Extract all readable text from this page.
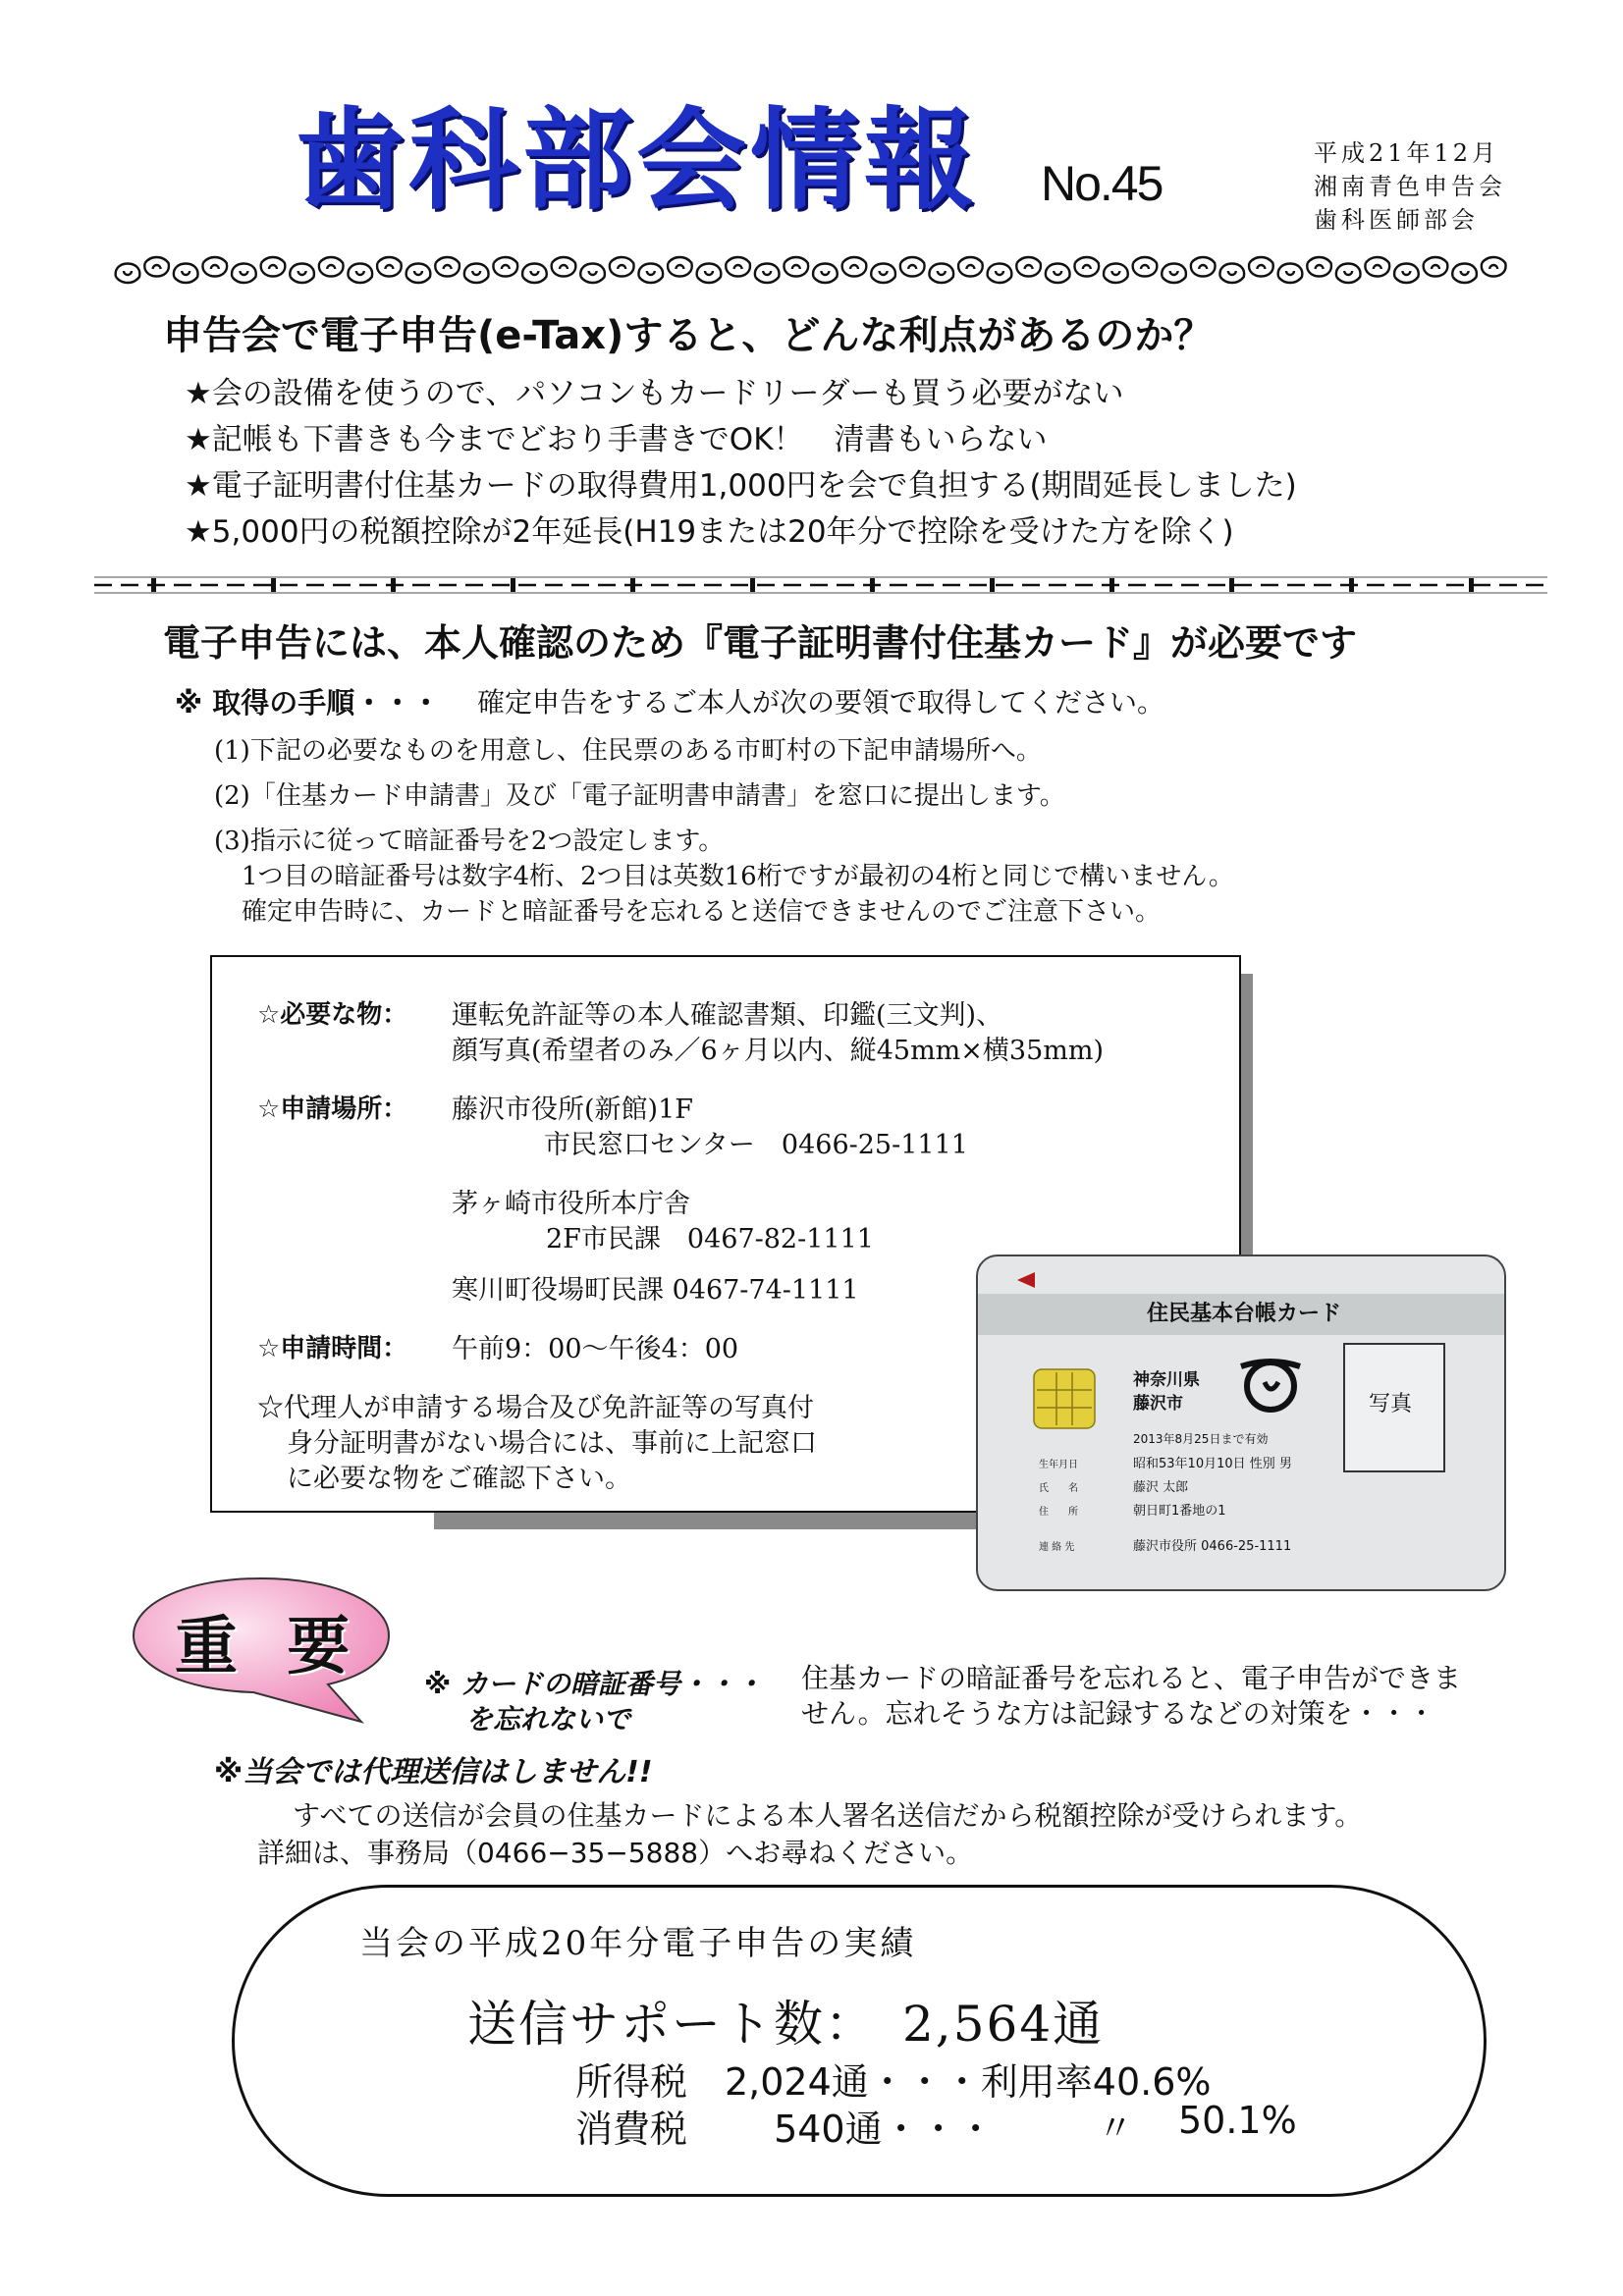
歯科部会情報 No.45
平成21年12月
湘南青色申告会
歯科医師部会
申告会で電子申告(e-Tax)すると、どんな利点があるのか？
★会の設備を使うので、パソコンもカードリーダーも買う必要がない
★記帳も下書きも今までどおり手書きでOK！　清書もいらない
★電子証明書付住基カードの取得費用1,000円を会で負担する(期間延長しました)
★5,000円の税額控除が2年延長(H19または20年分で控除を受けた方を除く)
電子申告には、本人確認のため『電子証明書付住基カード』が必要です
※ 取得の手順・・・ 確定申告をするご本人が次の要領で取得してください。
(1)下記の必要なものを用意し、住民票のある市町村の下記申請場所へ。
(2)「住基カード申請書」及び「電子証明書申請書」を窓口に提出します。
(3)指示に従って暗証番号を2つ設定します。
1つ目の暗証番号は数字4桁、2つ目は英数16桁ですが最初の4桁と同じで構いません。
確定申告時に、カードと暗証番号を忘れると送信できませんのでご注意下さい。
☆必要な物： 運転免許証等の本人確認書類、印鑑(三文判)、
顔写真(希望者のみ／6ヶ月以内、縦45mm×横35mm)
☆申請場所： 藤沢市役所(新館)1F
市民窓口センター　0466-25-1111
茅ヶ崎市役所本庁舎
2F市民課　0467-82-1111
寒川町役場町民課 0467-74-1111
☆申請時間： 午前9：00〜午後4：00
☆代理人が申請する場合及び免許証等の写真付
身分証明書がない場合には、事前に上記窓口
に必要な物をご確認下さい。
住民基本台帳カード
神奈川県
藤沢市	写真
2013年8月25日まで有効
生年月日	昭和53年10月10日 性別 男
氏　　名	藤沢 太郎
住　　所	朝日町1番地の1
連 絡 先	藤沢市役所 0466-25-1111
重 要
※ カードの暗証番号・・・
を忘れないで
住基カードの暗証番号を忘れると、電子申告ができま
せん。忘れそうな方は記録するなどの対策を・・・
※当会では代理送信はしません!!
すべての送信が会員の住基カードによる本人署名送信だから税額控除が受けられます。
詳細は、事務局（0466−35−5888）へお尋ねください。
当会の平成20年分電子申告の実績
送信サポート数：　2,564通
所得税　2,024通・・・利用率40.6%
消費税　　 540通・・・	〃 50.1%
